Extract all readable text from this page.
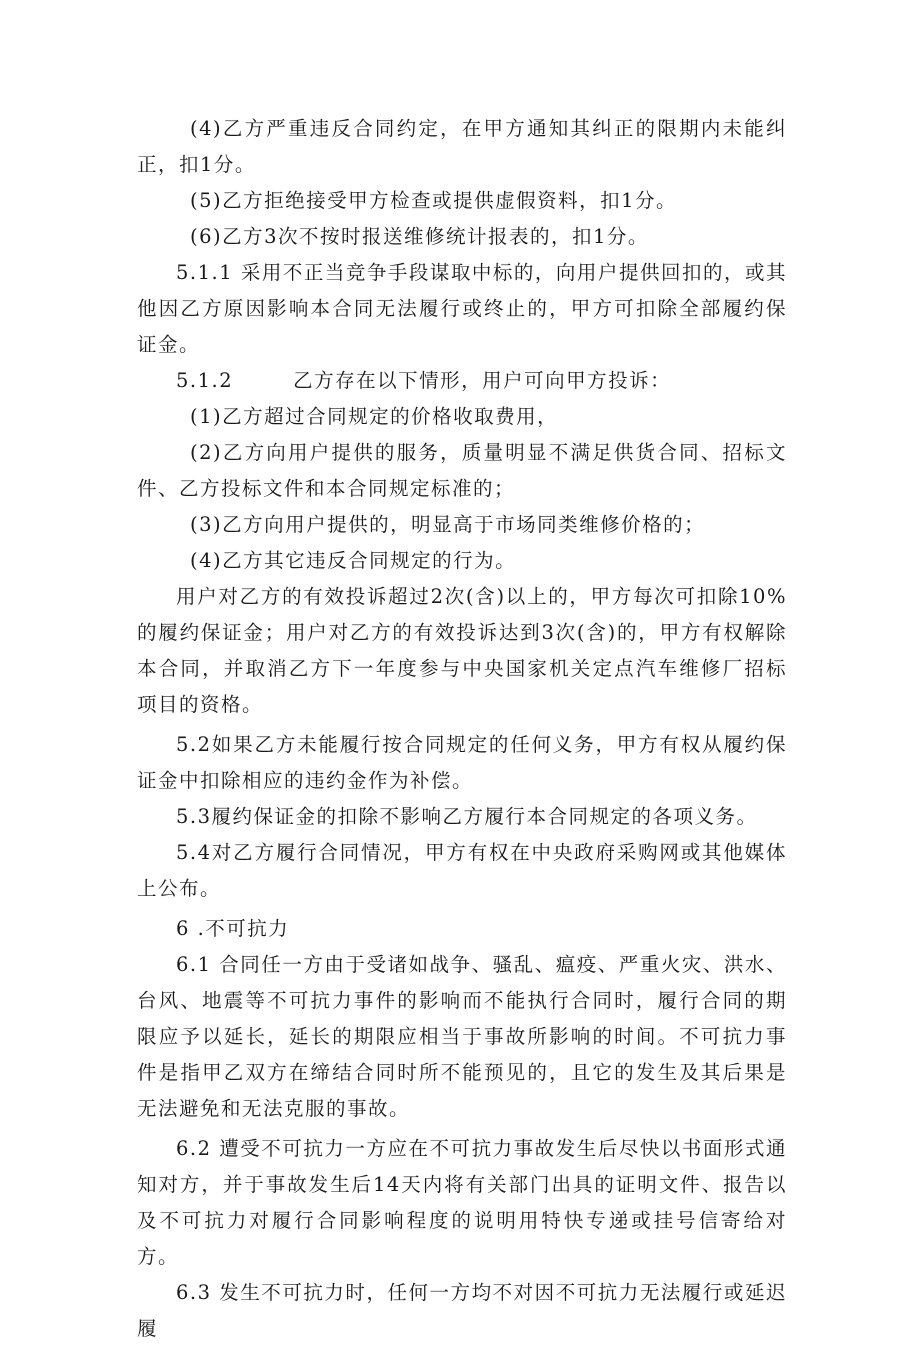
(4)乙方严重违反合同约定，在甲方通知其纠正的限期内未能纠正，扣1分。

(5)乙方拒绝接受甲方检查或提供虚假资料，扣1分。

(6)乙方3次不按时报送维修统计报表的，扣1分。

5.1.1 采用不正当竞争手段谋取中标的，向用户提供回扣的，或其他因乙方原因影响本合同无法履行或终止的，甲方可扣除全部履约保证金。

5.1.2	乙方存在以下情形，用户可向甲方投诉：

(1)乙方超过合同规定的价格收取费用，

(2)乙方向用户提供的服务，质量明显不满足供货合同、招标文件、乙方投标文件和本合同规定标准的；

(3)乙方向用户提供的，明显高于市场同类维修价格的；

(4)乙方其它违反合同规定的行为。

用户对乙方的有效投诉超过2次(含)以上的，甲方每次可扣除10%的履约保证金；用户对乙方的有效投诉达到3次(含)的，甲方有权解除本合同，并取消乙方下一年度参与中央国家机关定点汽车维修厂招标项目的资格。

5.2如果乙方未能履行按合同规定的任何义务，甲方有权从履约保证金中扣除相应的违约金作为补偿。

5.3履约保证金的扣除不影响乙方履行本合同规定的各项义务。

5.4对乙方履行合同情况，甲方有权在中央政府采购网或其他媒体上公布。

6 .不可抗力

6.1 合同任一方由于受诸如战争、骚乱、瘟疫、严重火灾、洪水、台风、地震等不可抗力事件的影响而不能执行合同时，履行合同的期限应予以延长，延长的期限应相当于事故所影响的时间。不可抗力事件是指甲乙双方在缔结合同时所不能预见的，且它的发生及其后果是无法避免和无法克服的事故。

6.2 遭受不可抗力一方应在不可抗力事故发生后尽快以书面形式通知对方，并于事故发生后14天内将有关部门出具的证明文件、报告以及不可抗力对履行合同影响程度的说明用特快专递或挂号信寄给对方。

6.3 发生不可抗力时，任何一方均不对因不可抗力无法履行或延迟履
